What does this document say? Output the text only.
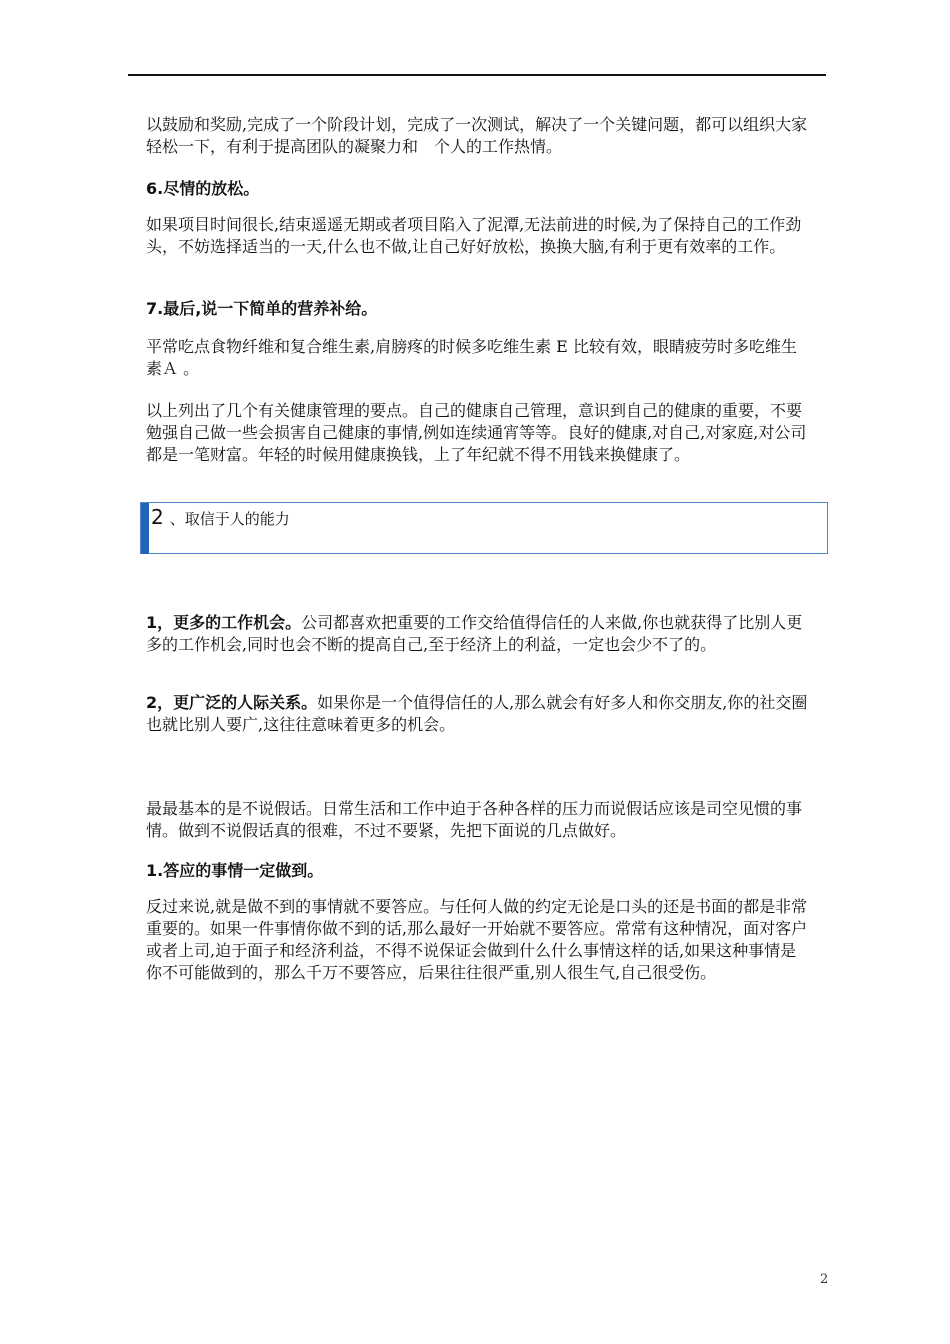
以鼓励和奖励,完成了一个阶段计划，完成了一次测试，解决了一个关键问题，都可以组织大家轻松一下，有利于提高团队的凝聚力和　个人的工作热情。

6.尽情的放松。

如果项目时间很长,结束遥遥无期或者项目陷入了泥潭,无法前进的时候,为了保持自己的工作劲头，不妨选择适当的一天,什么也不做,让自己好好放松，换换大脑,有利于更有效率的工作。

7.最后,说一下简单的营养补给。

平常吃点食物纤维和复合维生素,肩膀疼的时候多吃维生素 E 比较有效，眼睛疲劳时多吃维生素Ａ 。

以上列出了几个有关健康管理的要点。自己的健康自己管理，意识到自己的健康的重要，不要勉强自己做一些会损害自己健康的事情,例如连续通宵等等。良好的健康,对自己,对家庭,对公司都是一笔财富。年轻的时候用健康换钱，上了年纪就不得不用钱来换健康了。

2 、取信于人的能力

1，更多的工作机会。公司都喜欢把重要的工作交给值得信任的人来做,你也就获得了比别人更多的工作机会,同时也会不断的提高自己,至于经济上的利益，一定也会少不了的。

2，更广泛的人际关系。如果你是一个值得信任的人,那么就会有好多人和你交朋友,你的社交圈也就比别人要广,这往往意味着更多的机会。

最最基本的是不说假话。日常生活和工作中迫于各种各样的压力而说假话应该是司空见惯的事情。做到不说假话真的很难，不过不要紧，先把下面说的几点做好。

1.答应的事情一定做到。

反过来说,就是做不到的事情就不要答应。与任何人做的约定无论是口头的还是书面的都是非常重要的。如果一件事情你做不到的话,那么最好一开始就不要答应。常常有这种情况，面对客户或者上司,迫于面子和经济利益，不得不说保证会做到什么什么事情这样的话,如果这种事情是你不可能做到的，那么千万不要答应，后果往往很严重,别人很生气,自己很受伤。

2
